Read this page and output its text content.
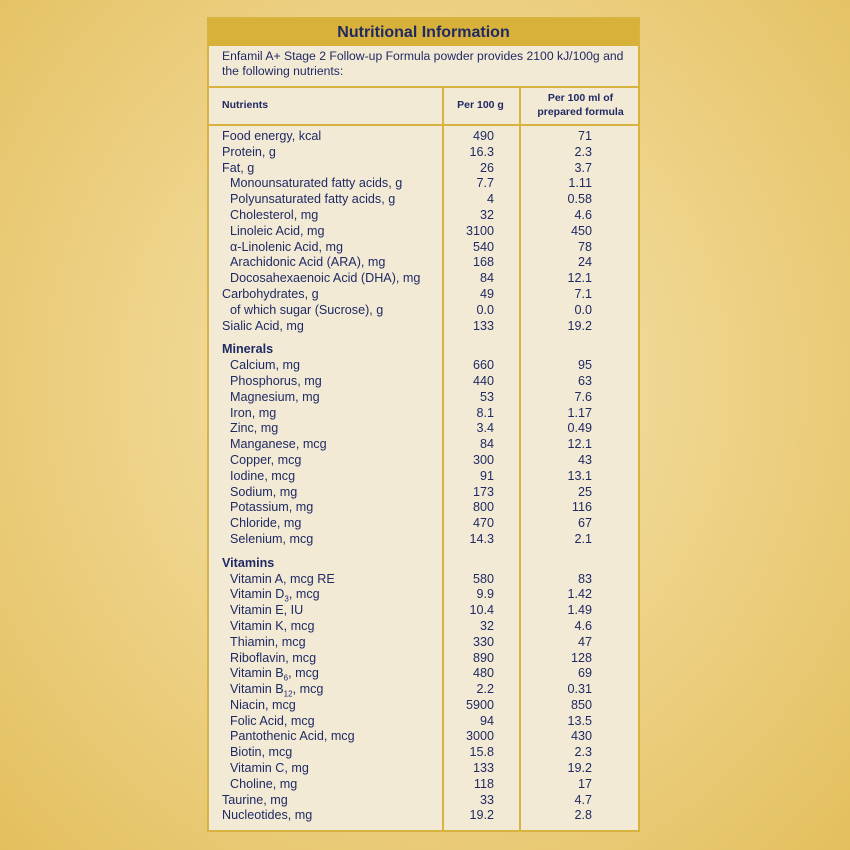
Nutritional Information
Enfamil A+ Stage 2 Follow-up Formula powder provides 2100 kJ/100g and the following nutrients:
Nutrients	Per 100 g
Per 100 ml of
prepared formula
Food energy, kcal	490	71
Protein, g	16.3	2.3
Fat, g	26	3.7
Monounsaturated fatty acids, g	7.7	1.11
Polyunsaturated fatty acids, g	4	0.58
Cholesterol, mg	32	4.6
Linoleic Acid, mg	3100	450
α-Linolenic Acid, mg	540	78
Arachidonic Acid (ARA), mg	168	24
Docosahexaenoic Acid (DHA), mg	84	12.1
Carbohydrates, g	49	7.1
of which sugar (Sucrose), g	0.0	0.0
Sialic Acid, mg	133	19.2
Minerals
Calcium, mg	660	95
Phosphorus, mg	440	63
Magnesium, mg	53	7.6
Iron, mg	8.1	1.17
Zinc, mg	3.4	0.49
Manganese, mcg	84	12.1
Copper, mcg	300	43
Iodine, mcg	91	13.1
Sodium, mg	173	25
Potassium, mg	800	116
Chloride, mg	470	67
Selenium, mcg	14.3	2.1
Vitamins
Vitamin A, mcg RE	580	83
Vitamin $D_3$, mcg	9.9	1.42
Vitamin E, IU	10.4	1.49
Vitamin K, mcg	32	4.6
Thiamin, mcg	330	47
Riboflavin, mcg	890	128
Vitamin $B_6$, mcg	480	69
Vitamin $B_{12}$, mcg	2.2	0.31
Niacin, mcg	5900	850
Folic Acid, mcg	94	13.5
Pantothenic Acid, mcg	3000	430
Biotin, mcg	15.8	2.3
Vitamin C, mg	133	19.2
Choline, mg	118	17
Taurine, mg	33	4.7
Nucleotides, mg	19.2	2.8
